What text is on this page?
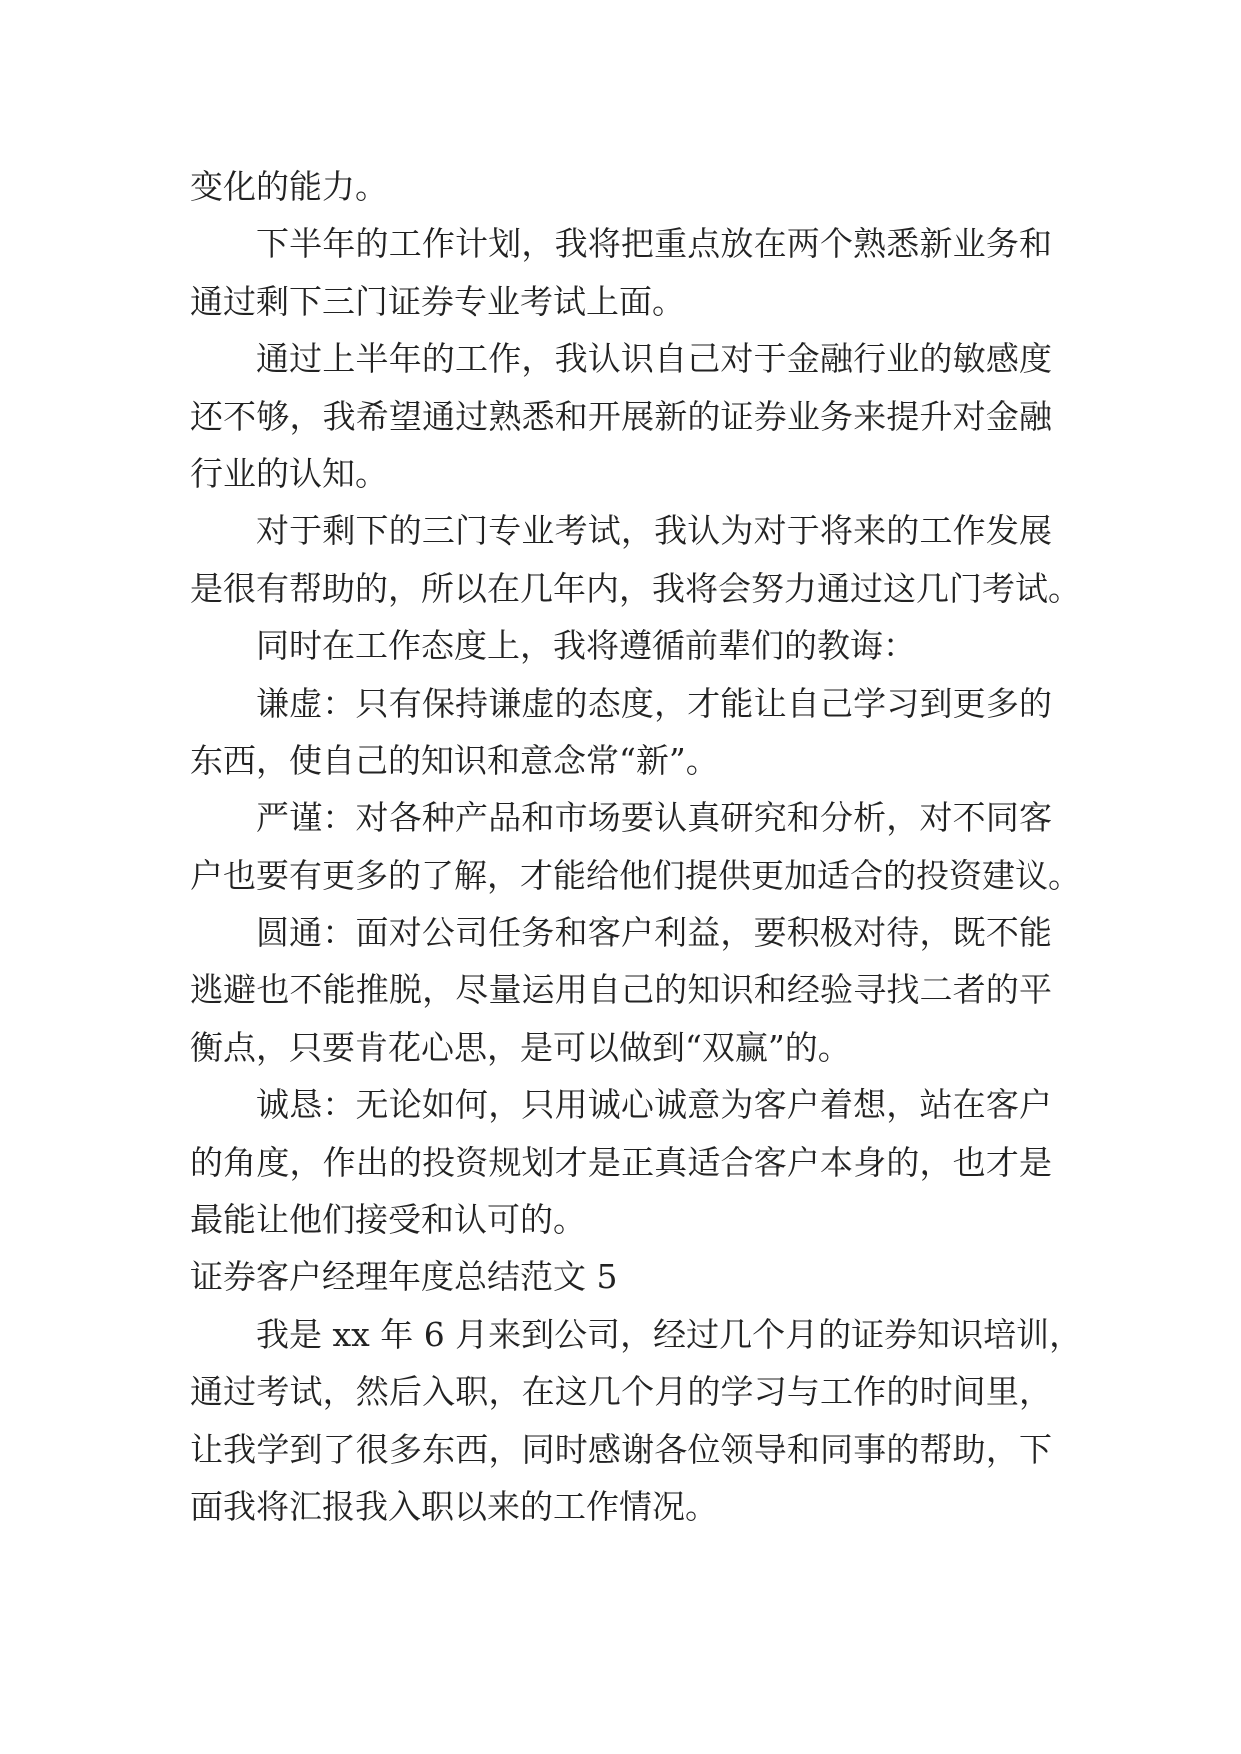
变化的能力。
下半年的工作计划，我将把重点放在两个熟悉新业务和
通过剩下三门证券专业考试上面。
通过上半年的工作，我认识自己对于金融行业的敏感度
还不够，我希望通过熟悉和开展新的证券业务来提升对金融
行业的认知。
对于剩下的三门专业考试，我认为对于将来的工作发展
是很有帮助的，所以在几年内，我将会努力通过这几门考试。
同时在工作态度上，我将遵循前辈们的教诲：
谦虚：只有保持谦虚的态度，才能让自己学习到更多的
东西，使自己的知识和意念常“新”。
严谨：对各种产品和市场要认真研究和分析，对不同客
户也要有更多的了解，才能给他们提供更加适合的投资建议。
圆通：面对公司任务和客户利益，要积极对待，既不能
逃避也不能推脱，尽量运用自己的知识和经验寻找二者的平
衡点，只要肯花心思，是可以做到“双赢”的。
诚恳：无论如何，只用诚心诚意为客户着想，站在客户
的角度，作出的投资规划才是正真适合客户本身的，也才是
最能让他们接受和认可的。
证券客户经理年度总结范文 5
我是 xx 年 6 月来到公司，经过几个月的证券知识培训，
通过考试，然后入职，在这几个月的学习与工作的时间里，
让我学到了很多东西，同时感谢各位领导和同事的帮助，下
面我将汇报我入职以来的工作情况。
